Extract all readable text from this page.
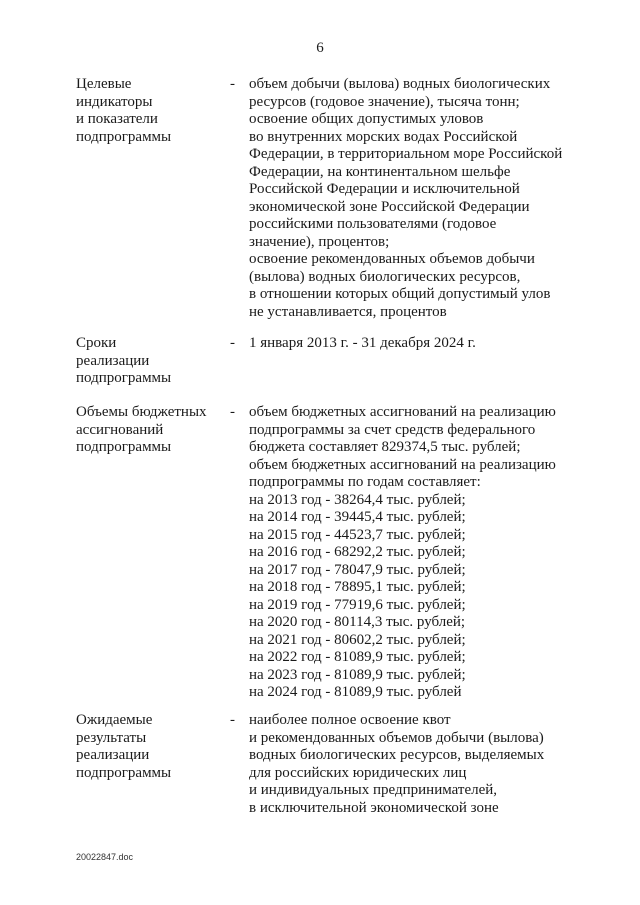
6
Целевые
индикаторы
и показатели
подпрограммы
- объем добычи (вылова) водных биологических
ресурсов (годовое значение), тысяча тонн;
освоение общих допустимых уловов
во внутренних морских водах Российской
Федерации, в территориальном море Российской
Федерации, на континентальном шельфе
Российской Федерации и исключительной
экономической зоне Российской Федерации
российскими пользователями (годовое
значение), процентов;
освоение рекомендованных объемов добычи
(вылова) водных биологических ресурсов,
в отношении которых общий допустимый улов
не устанавливается, процентов
Сроки
реализации
подпрограммы
- 1 января 2013 г. - 31 декабря 2024 г.
Объемы бюджетных
ассигнований
подпрограммы
- объем бюджетных ассигнований на реализацию
подпрограммы за счет средств федерального
бюджета составляет 829374,5 тыс. рублей;
объем бюджетных ассигнований на реализацию
подпрограммы по годам составляет:
на 2013 год - 38264,4 тыс. рублей;
на 2014 год - 39445,4 тыс. рублей;
на 2015 год - 44523,7 тыс. рублей;
на 2016 год - 68292,2 тыс. рублей;
на 2017 год - 78047,9 тыс. рублей;
на 2018 год - 78895,1 тыс. рублей;
на 2019 год - 77919,6 тыс. рублей;
на 2020 год - 80114,3 тыс. рублей;
на 2021 год - 80602,2 тыс. рублей;
на 2022 год - 81089,9 тыс. рублей;
на 2023 год - 81089,9 тыс. рублей;
на 2024 год - 81089,9 тыс. рублей
Ожидаемые
результаты
реализации
подпрограммы
- наиболее полное освоение квот
и рекомендованных объемов добычи (вылова)
водных биологических ресурсов, выделяемых
для российских юридических лиц
и индивидуальных предпринимателей,
в исключительной экономической зоне
20022847.doc
